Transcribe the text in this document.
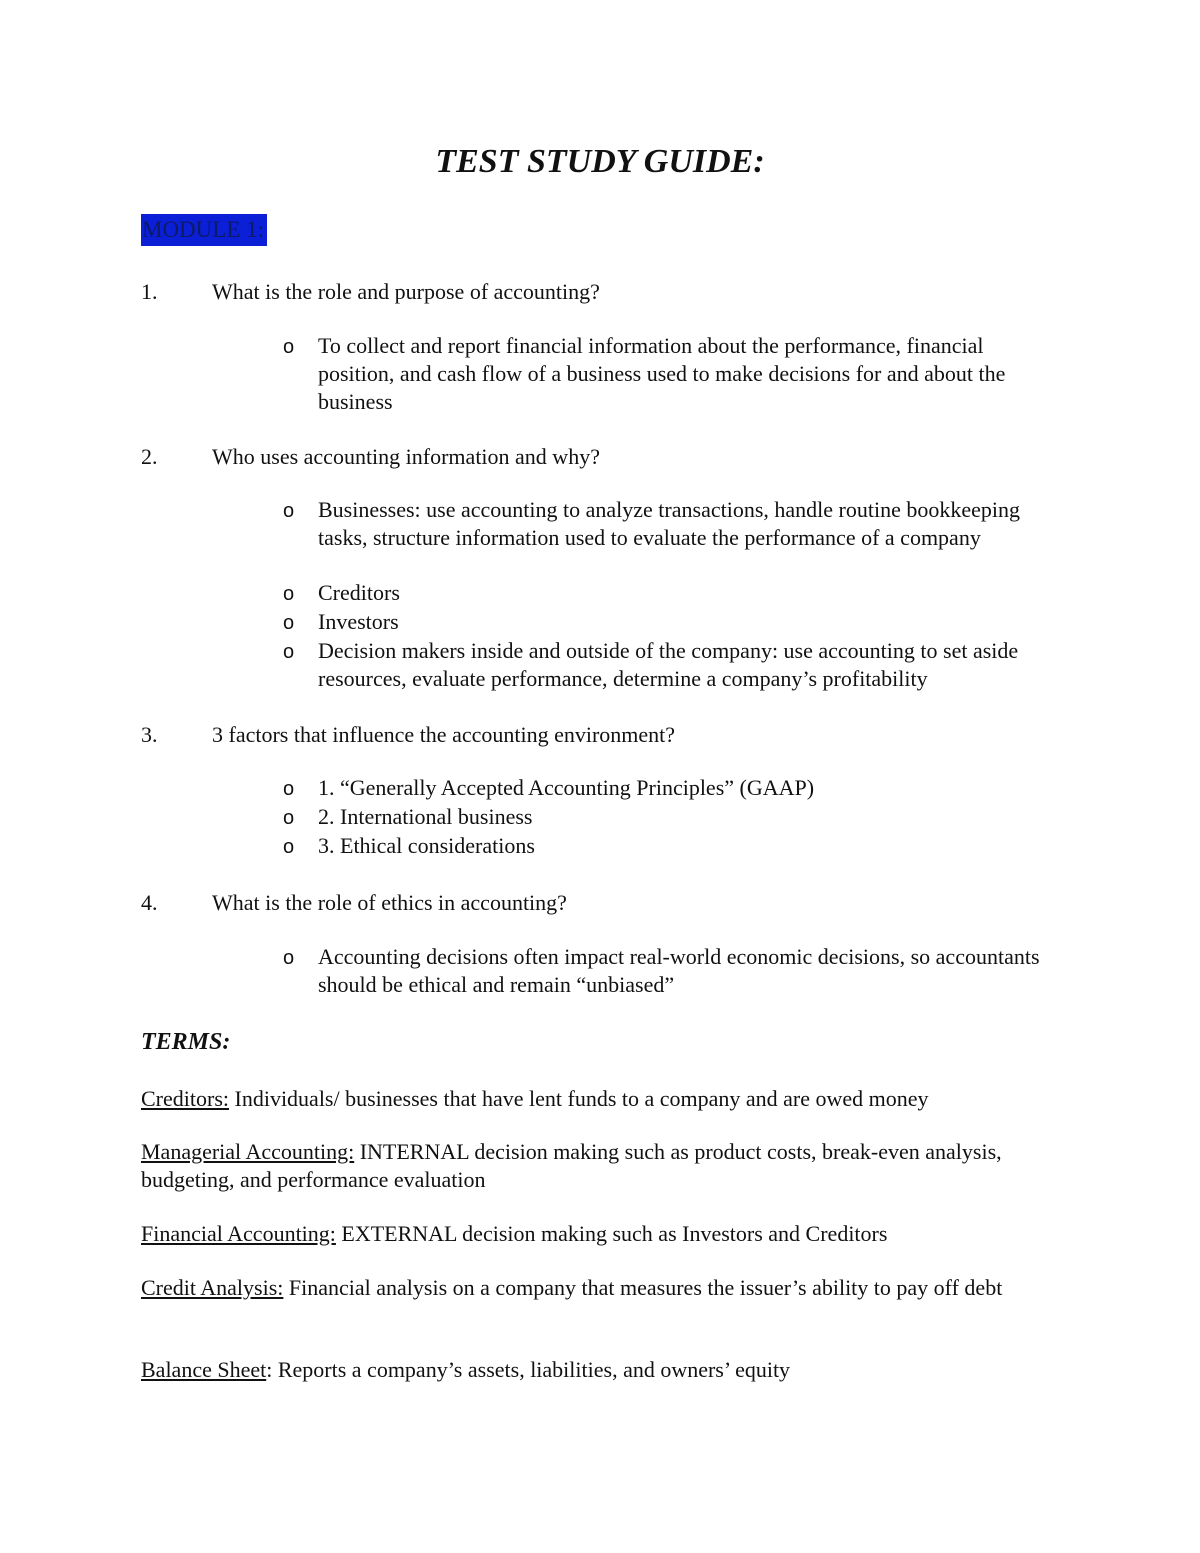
TEST STUDY GUIDE:
MODULE 1:
1. What is the role and purpose of accounting?
o To collect and report financial information about the performance, financial position, and cash flow of a business used to make decisions for and about the business
2. Who uses accounting information and why?
o Businesses: use accounting to analyze transactions, handle routine bookkeeping tasks, structure information used to evaluate the performance of a company
o Creditors
o Investors
o Decision makers inside and outside of the company: use accounting to set aside resources, evaluate performance, determine a company’s profitability
3. 3 factors that influence the accounting environment?
o 1. “Generally Accepted Accounting Principles” (GAAP)
o 2. International business
o 3. Ethical considerations
4. What is the role of ethics in accounting?
o Accounting decisions often impact real-world economic decisions, so accountants should be ethical and remain “unbiased”
TERMS:
Creditors: Individuals/ businesses that have lent funds to a company and are owed money
Managerial Accounting: INTERNAL decision making such as product costs, break-even analysis, budgeting, and performance evaluation
Financial Accounting: EXTERNAL decision making such as Investors and Creditors
Credit Analysis: Financial analysis on a company that measures the issuer’s ability to pay off debt
Balance Sheet: Reports a company’s assets, liabilities, and owners’ equity
